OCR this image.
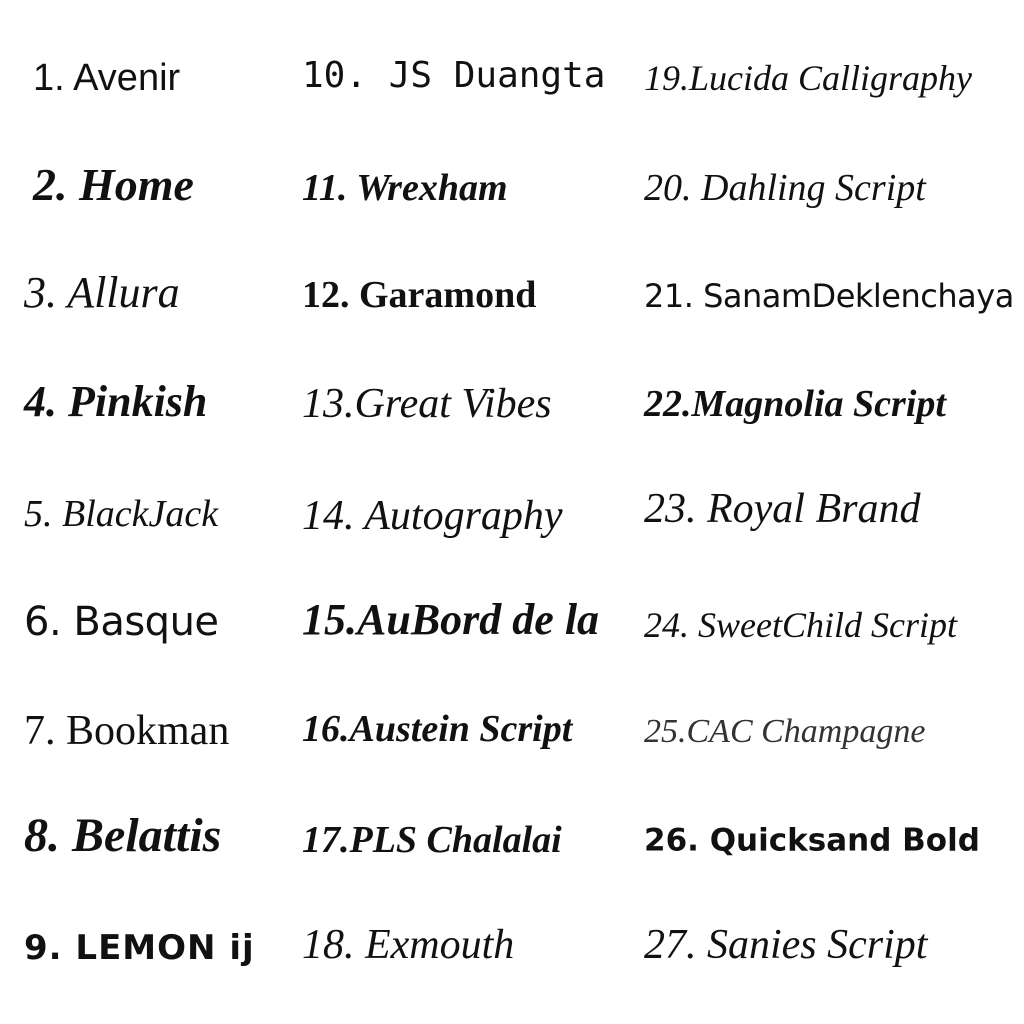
1. Avenir
2. Home
3. Allura
4. Pinkish
5. BlackJack
6. Basque
7. Bookman
8. Belattis
9. LEMON ij
10. JS Duangta
11. Wrexham
12. Garamond
13.Great Vibes
14. Autography
15.AuBord de la
16.Austein Script
17.PLS Chalalai
18. Exmouth
19.Lucida Calligraphy
20. Dahling Script
21. SanamDeklenchaya
22.Magnolia Script
23. Royal Brand
24. SweetChild Script
25.CAC Champagne
26. Quicksand Bold
27. Sanies Script
